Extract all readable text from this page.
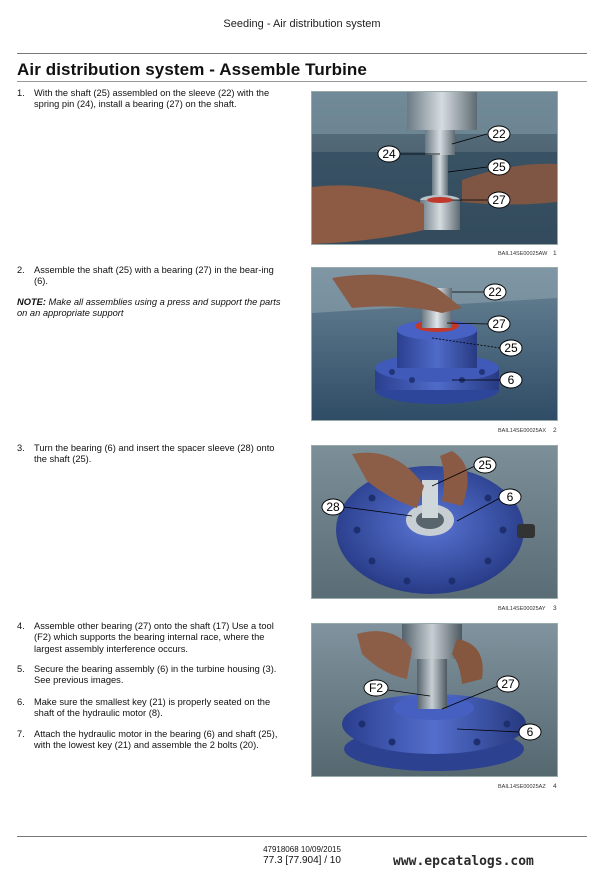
Seeding - Air distribution system
Air distribution system - Assemble Turbine
1. With the shaft (25) assembled on the sleeve (22) with the spring pin (24), install a bearing (27) on the shaft.
2. Assemble the shaft (25) with a bearing (27) in the bear-ing (6).
NOTE: Make all assemblies using a press and support the parts on an appropriate support
3. Turn the bearing (6) and insert the spacer sleeve (28) onto the shaft (25).
4. Assemble other bearing (27) onto the shaft (17) Use a tool (F2) which supports the bearing internal race, where the largest assembly interference occurs.
5. Secure the bearing assembly (6) in the turbine housing (3). See previous images.
6. Make sure the smallest key (21) is properly seated on the shaft of the hydraulic motor (8).
7. Attach the hydraulic motor in the bearing (6) and shaft (25), with the lowest key (21) and assemble the 2 bolts (20).
22
24
25
27
BAIL14SE00025AW 1
22
27
25
6
BAIL14SE00025AX 2
25
28
6
BAIL14SE00025AY 3
F2	27
6
BAIL14SE00025AZ 4
47918068 10/09/2015
77.3 [77.904] / 10	www.epcatalogs.com
